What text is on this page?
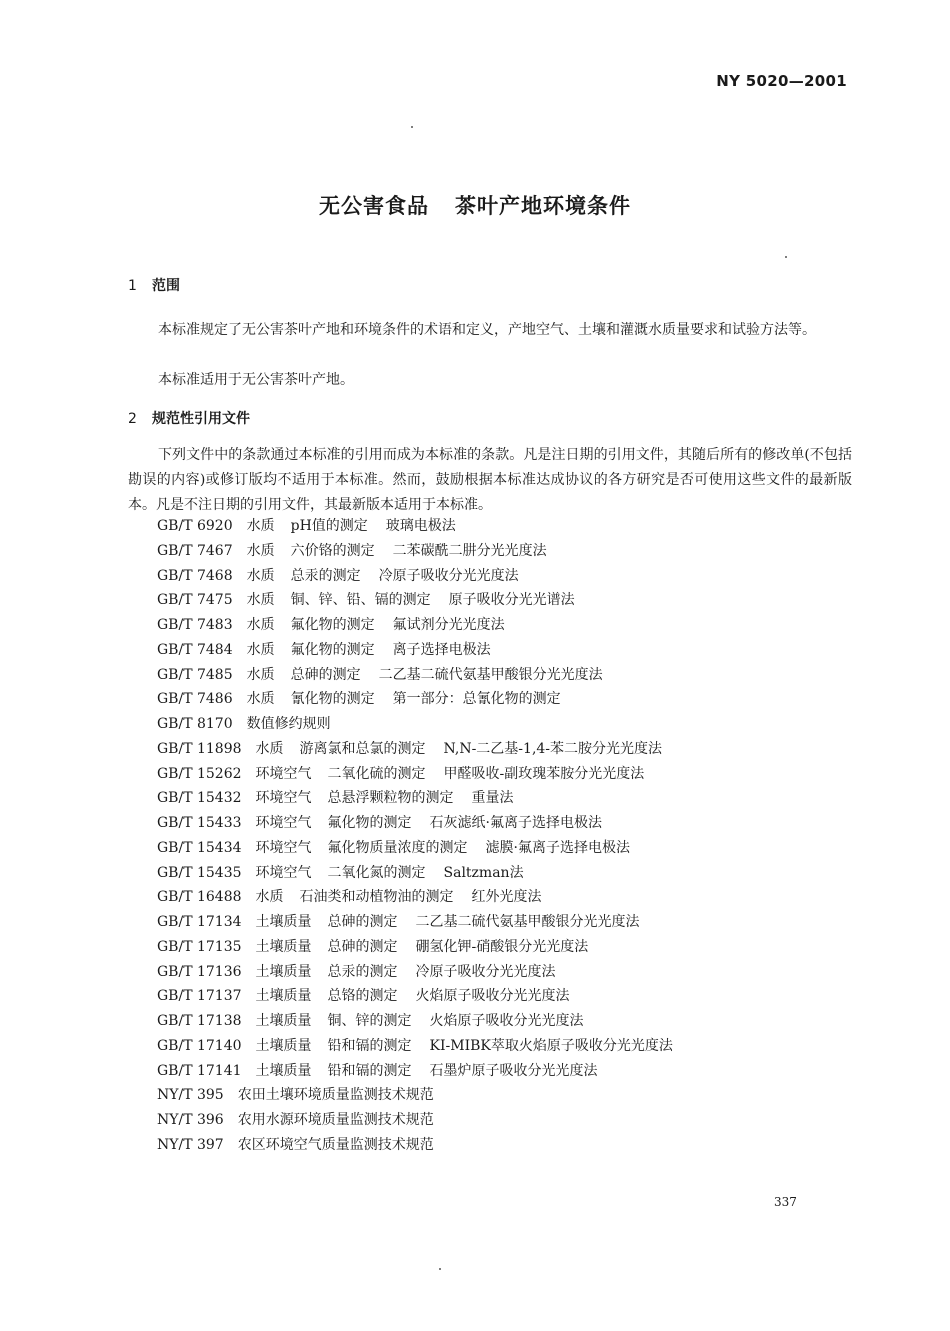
NY 5020—2001
无公害食品 茶叶产地环境条件
1 范围

本标准规定了无公害茶叶产地和环境条件的术语和定义，产地空气、土壤和灌溉水质量要求和试验方法等。

本标准适用于无公害茶叶产地。

2 规范性引用文件

下列文件中的条款通过本标准的引用而成为本标准的条款。凡是注日期的引用文件，其随后所有的修改单(不包括勘误的内容)或修订版均不适用于本标准。然而，鼓励根据本标准达成协议的各方研究是否可使用这些文件的最新版本。凡是不注日期的引用文件，其最新版本适用于本标准。

GB/T 6920 水质 pH值的测定 玻璃电极法
GB/T 7467 水质 六价铬的测定 二苯碳酰二肼分光光度法
GB/T 7468 水质 总汞的测定 冷原子吸收分光光度法
GB/T 7475 水质 铜、锌、铅、镉的测定 原子吸收分光光谱法
GB/T 7483 水质 氟化物的测定 氟试剂分光光度法
GB/T 7484 水质 氟化物的测定 离子选择电极法
GB/T 7485 水质 总砷的测定 二乙基二硫代氨基甲酸银分光光度法
GB/T 7486 水质 氰化物的测定 第一部分：总氰化物的测定
GB/T 8170 数值修约规则
GB/T 11898 水质 游离氯和总氯的测定 N,N-二乙基-1,4-苯二胺分光光度法
GB/T 15262 环境空气 二氧化硫的测定 甲醛吸收-副玫瑰苯胺分光光度法
GB/T 15432 环境空气 总悬浮颗粒物的测定 重量法
GB/T 15433 环境空气 氟化物的测定 石灰滤纸·氟离子选择电极法
GB/T 15434 环境空气 氟化物质量浓度的测定 滤膜·氟离子选择电极法
GB/T 15435 环境空气 二氧化氮的测定 Saltzman法
GB/T 16488 水质 石油类和动植物油的测定 红外光度法
GB/T 17134 土壤质量 总砷的测定 二乙基二硫代氨基甲酸银分光光度法
GB/T 17135 土壤质量 总砷的测定 硼氢化钾-硝酸银分光光度法
GB/T 17136 土壤质量 总汞的测定 冷原子吸收分光光度法
GB/T 17137 土壤质量 总铬的测定 火焰原子吸收分光光度法
GB/T 17138 土壤质量 铜、锌的测定 火焰原子吸收分光光度法
GB/T 17140 土壤质量 铅和镉的测定 KI-MIBK萃取火焰原子吸收分光光度法
GB/T 17141 土壤质量 铅和镉的测定 石墨炉原子吸收分光光度法
NY/T 395 农田土壤环境质量监测技术规范
NY/T 396 农用水源环境质量监测技术规范
NY/T 397 农区环境空气质量监测技术规范
337
